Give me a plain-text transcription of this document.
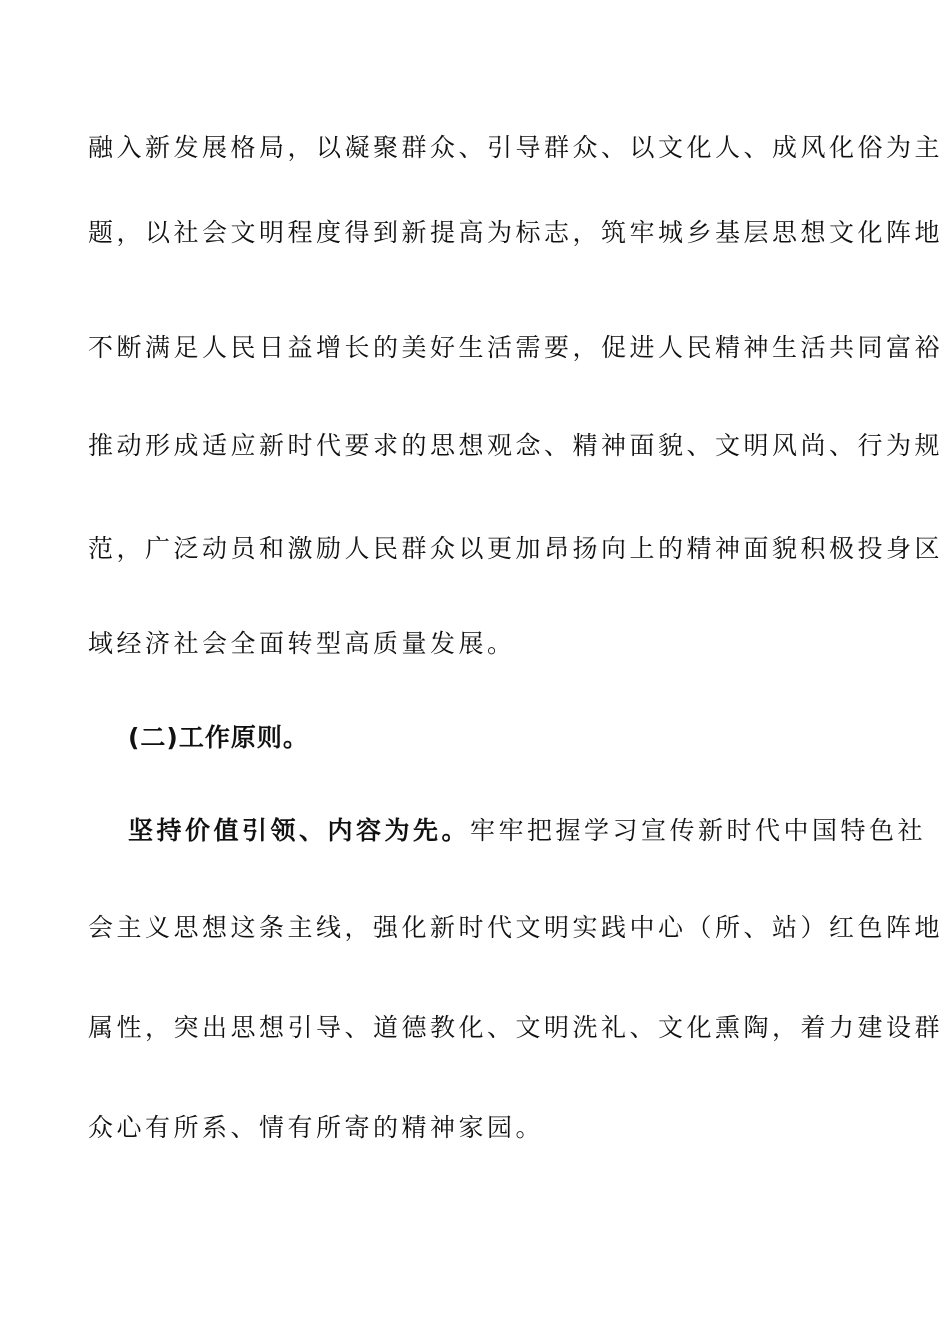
融入新发展格局，以凝聚群众、引导群众、以文化人、成风化俗为主
题，以社会文明程度得到新提高为标志，筑牢城乡基层思想文化阵地
不断满足人民日益增长的美好生活需要，促进人民精神生活共同富裕
推动形成适应新时代要求的思想观念、精神面貌、文明风尚、行为规
范，广泛动员和激励人民群众以更加昂扬向上的精神面貌积极投身区
域经济社会全面转型高质量发展。
(二)工作原则。
坚持价值引领、内容为先。牢牢把握学习宣传新时代中国特色社
会主义思想这条主线，强化新时代文明实践中心（所、站）红色阵地
属性，突出思想引导、道德教化、文明洗礼、文化熏陶，着力建设群
众心有所系、情有所寄的精神家园。
